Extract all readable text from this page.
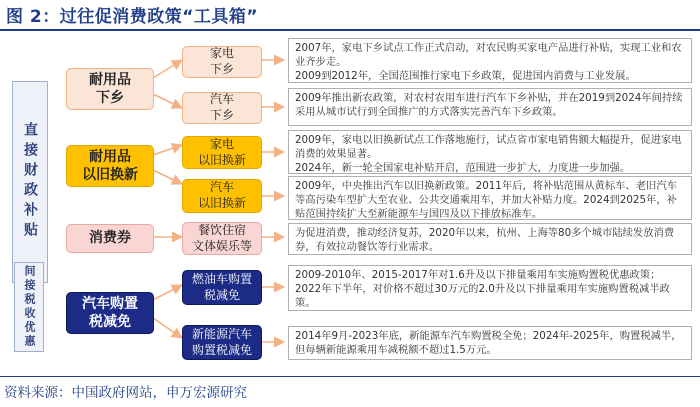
图 2：过往促消费政策“工具箱”
直接财政补贴
间接税收优惠
耐用品
下乡
耐用品
以旧换新
消费券
汽车购置
税减免
家电
下乡
汽车
下乡
家电
以旧换新
汽车
以旧换新
餐饮住宿
文体娱乐等
燃油车购置
税减免
新能源汽车
购置税减免

2007年，家电下乡试点工作正式启动，对农民购买家电产品进行补贴，实现工业和农业齐步走。

2009到2012年，全国范围推行家电下乡政策，促进国内消费与工业发展。

2009年推出新农政策，对农村农用车进行汽车下乡补贴，并在2019到2024年间持续采用从城市试行到全国推广的方式落实完善汽车下乡政策。

2009年，家电以旧换新试点工作落地施行，试点省市家电销售额大幅提升，促进家电消费的效果显著。

2024年，新一轮全国家电补贴开启，范围进一步扩大，力度进一步加强。

2009年，中央推出汽车以旧换新政策。2011年后，将补贴范围从黄标车、老旧汽车等高污染车型扩大至农业、公共交通乘用车，并加大补贴力度。2024到2025年，补贴范围持续扩大至新能源车与国四及以下排放标准车。

为促进消费，推动经济复苏，2020年以来，杭州、上海等80多个城市陆续发放消费券，有效拉动餐饮等行业需求。

2009-2010年、2015-2017年对1.6升及以下排量乘用车实施购置税优惠政策；2022年下半年，对价格不超过30万元的2.0升及以下排量乘用车实施购置税减半政策。

2014年9月-2023年底，新能源车汽车购置税全免；2024年-2025年，购置税减半，但每辆新能源乘用车减税额不超过1.5万元。

资料来源：中国政府网站，申万宏源研究
